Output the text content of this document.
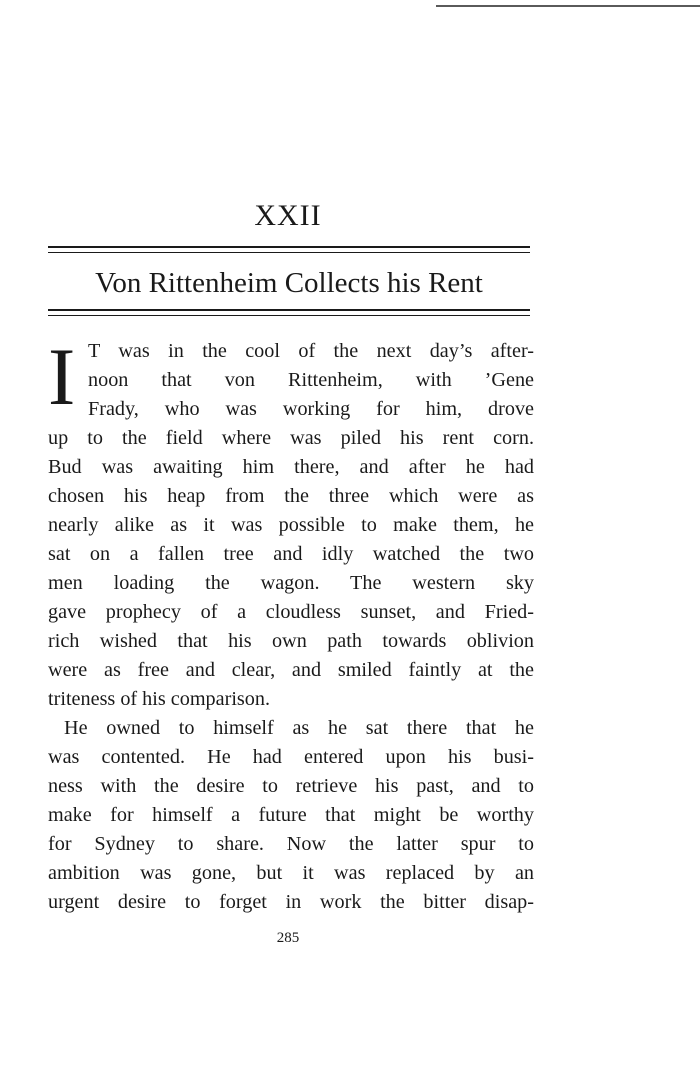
XXII
Von Rittenheim Collects his Rent
I T was in the cool of the next day’s after-
noon that von Rittenheim, with ’Gene
Frady, who was working for him, drove
up to the field where was piled his rent corn.
Bud was awaiting him there, and after he had
chosen his heap from the three which were as
nearly alike as it was possible to make them, he
sat on a fallen tree and idly watched the two
men loading the wagon. The western sky
gave prophecy of a cloudless sunset, and Fried-
rich wished that his own path towards oblivion
were as free and clear, and smiled faintly at the
triteness of his comparison.
He owned to himself as he sat there that he
was contented. He had entered upon his busi-
ness with the desire to retrieve his past, and to
make for himself a future that might be worthy
for Sydney to share. Now the latter spur to
ambition was gone, but it was replaced by an
urgent desire to forget in work the bitter disap-
285
